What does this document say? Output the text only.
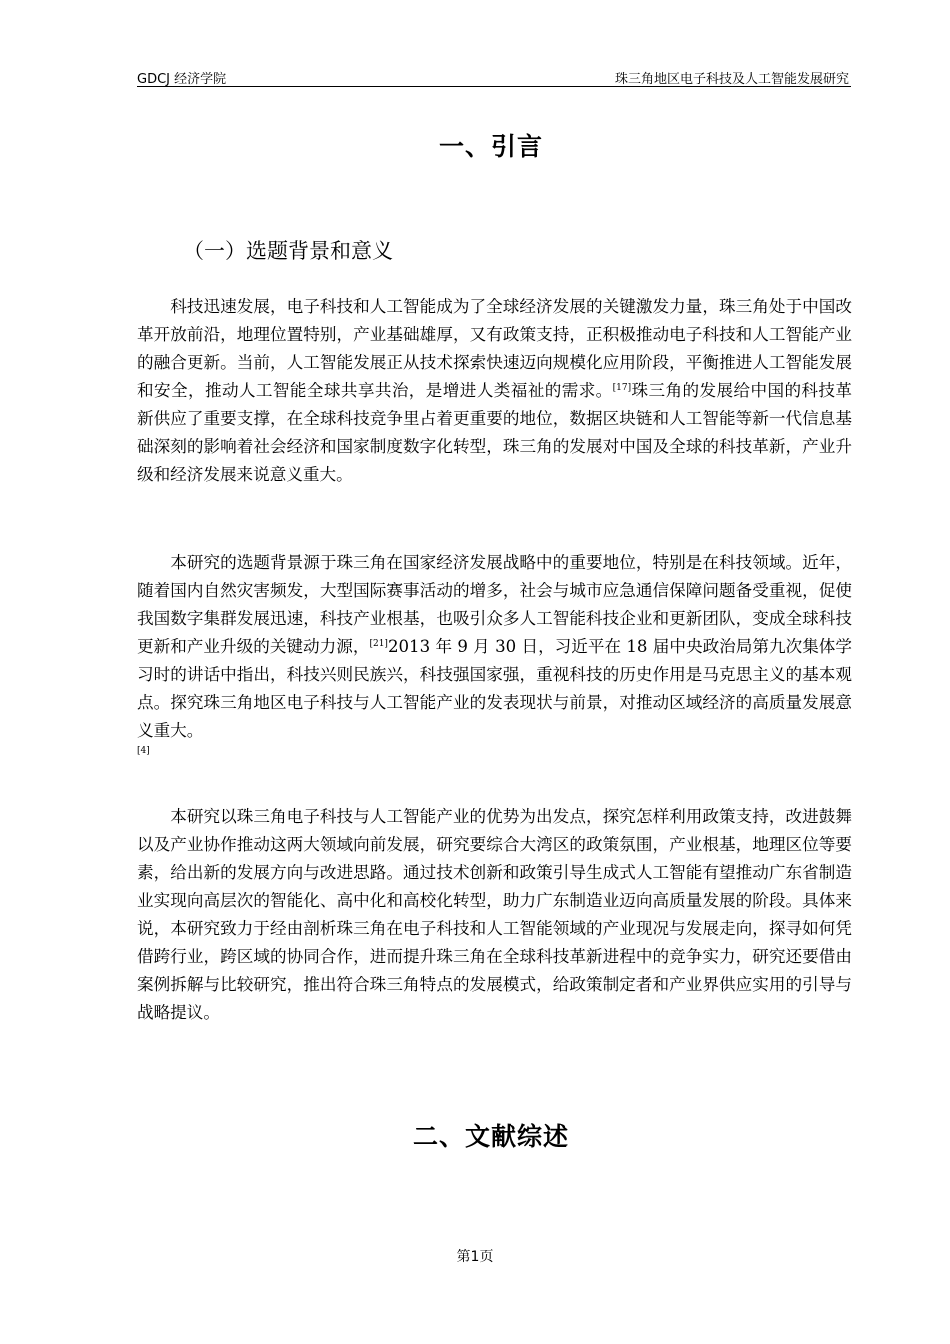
GDCJ 经济学院	珠三角地区电子科技及人工智能发展研究
一、引言
（一）选题背景和意义

科技迅速发展，电子科技和人工智能成为了全球经济发展的关键激发力量，珠三角处于中国改革开放前沿，地理位置特别，产业基础雄厚，又有政策支持，正积极推动电子科技和人工智能产业的融合更新。当前，人工智能发展正从技术探索快速迈向规模化应用阶段，平衡推进人工智能发展和安全，推动人工智能全球共享共治，是增进人类福祉的需求。[17]珠三角的发展给中国的科技革新供应了重要支撑，在全球科技竞争里占着更重要的地位，数据区块链和人工智能等新一代信息基础深刻的影响着社会经济和国家制度数字化转型，珠三角的发展对中国及全球的科技革新，产业升级和经济发展来说意义重大。

本研究的选题背景源于珠三角在国家经济发展战略中的重要地位，特别是在科技领域。近年，随着国内自然灾害频发，大型国际赛事活动的增多，社会与城市应急通信保障问题备受重视，促使我国数字集群发展迅速，科技产业根基，也吸引众多人工智能科技企业和更新团队，变成全球科技更新和产业升级的关键动力源，[21]2013 年 9 月 30 日，习近平在 18 届中央政治局第九次集体学习时的讲话中指出，科技兴则民族兴，科技强国家强，重视科技的历史作用是马克思主义的基本观点。探究珠三角地区电子科技与人工智能产业的发表现状与前景，对推动区域经济的高质量发展意义重大。
[4]

本研究以珠三角电子科技与人工智能产业的优势为出发点，探究怎样利用政策支持，改进鼓舞以及产业协作推动这两大领域向前发展，研究要综合大湾区的政策氛围，产业根基，地理区位等要素，给出新的发展方向与改进思路。通过技术创新和政策引导生成式人工智能有望推动广东省制造业实现向高层次的智能化、高中化和高校化转型，助力广东制造业迈向高质量发展的阶段。具体来说，本研究致力于经由剖析珠三角在电子科技和人工智能领域的产业现况与发展走向，探寻如何凭借跨行业，跨区域的协同合作，进而提升珠三角在全球科技革新进程中的竞争实力，研究还要借由案例拆解与比较研究，推出符合珠三角特点的发展模式，给政策制定者和产业界供应实用的引导与战略提议。

二、文献综述
第1页
